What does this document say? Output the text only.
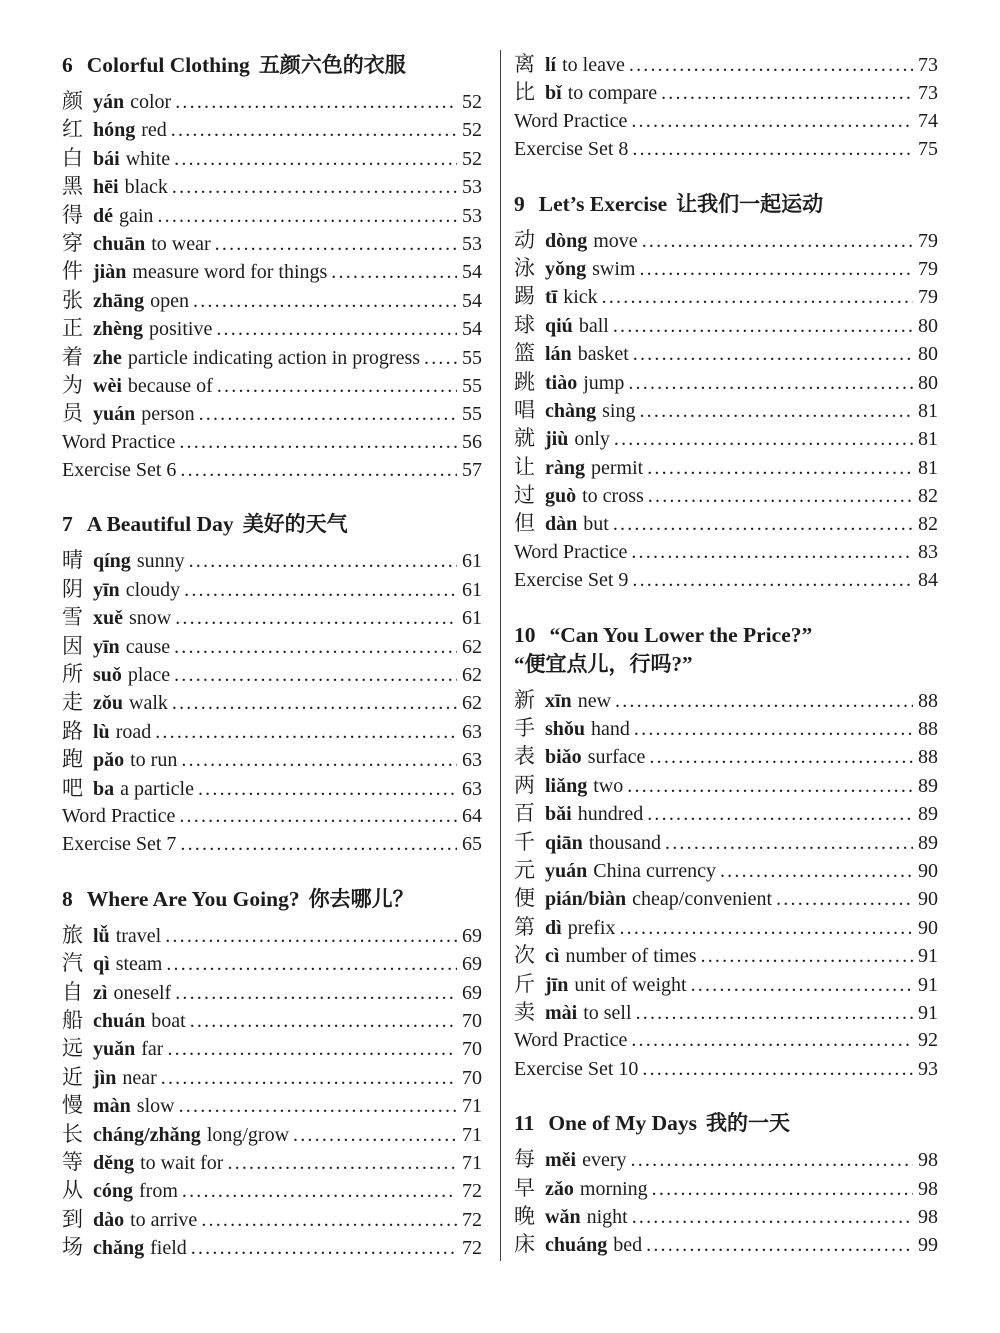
6 Colorful Clothing 五颜六色的衣服
颜 yán color .....	52
红 hóng red .....	52
白 bái white .....	52
黑 hēi black .....	53
得 dé gain .....	53
穿 chuān to wear .....	53
件 jiàn measure word for things .....	54
张 zhāng open .....	54
正 zhèng positive .....	54
着 zhe particle indicating action in progress ..... 55
为 wèi because of .....	55
员 yuán person .....	55
Word Practice .....	56
Exercise Set 6 .....	57
7 A Beautiful Day 美好的天气
晴 qíng sunny .....	61
阴 yīn cloudy .....	61
雪 xuě snow .....	61
因 yīn cause .....	62
所 suǒ place .....	62
走 zǒu walk .....	62
路 lù road .....	63
跑 pǎo to run .....	63
吧 ba a particle .....	63
Word Practice .....	64
Exercise Set 7 .....	65
8 Where Are You Going? 你去哪儿？
旅 lǚ travel .....	69
汽 qì steam .....	69
自 zì oneself .....	69
船 chuán boat .....	70
远 yuǎn far .....	70
近 jìn near .....	70
慢 màn slow .....	71
长 cháng/zhǎng long/grow .....	71
等 děng to wait for .....	71
从 cóng from .....	72
到 dào to arrive .....	72
场 chǎng field .....	72
离 lí to leave .....	73
比 bǐ to compare .....	73
Word Practice .....	74
Exercise Set 8 .....	75
9 Let’s Exercise 让我们一起运动
动 dòng move .....	79
泳 yǒng swim .....	79
踢 tī kick .....	79
球 qiú ball .....	80
篮 lán basket .....	80
跳 tiào jump .....	80
唱 chàng sing .....	81
就 jiù only .....	81
让 ràng permit .....	81
过 guò to cross .....	82
但 dàn but .....	82
Word Practice .....	83
Exercise Set 9 .....	84
10 “Can You Lower the Price?”
“便宜点儿，行吗?”
新 xīn new .....	88
手 shǒu hand .....	88
表 biǎo surface .....	88
两 liǎng two .....	89
百 bǎi hundred .....	89
千 qiān thousand .....	89
元 yuán China currency .....	90
便 pián/biàn cheap/convenient .....	90
第 dì prefix .....	90
次 cì number of times .....	91
斤 jīn unit of weight .....	91
卖 mài to sell .....	91
Word Practice .....	92
Exercise Set 10 .....	93
11 One of My Days 我的一天
每 měi every .....	98
早 zǎo morning .....	98
晚 wǎn night .....	98
床 chuáng bed .....	99
